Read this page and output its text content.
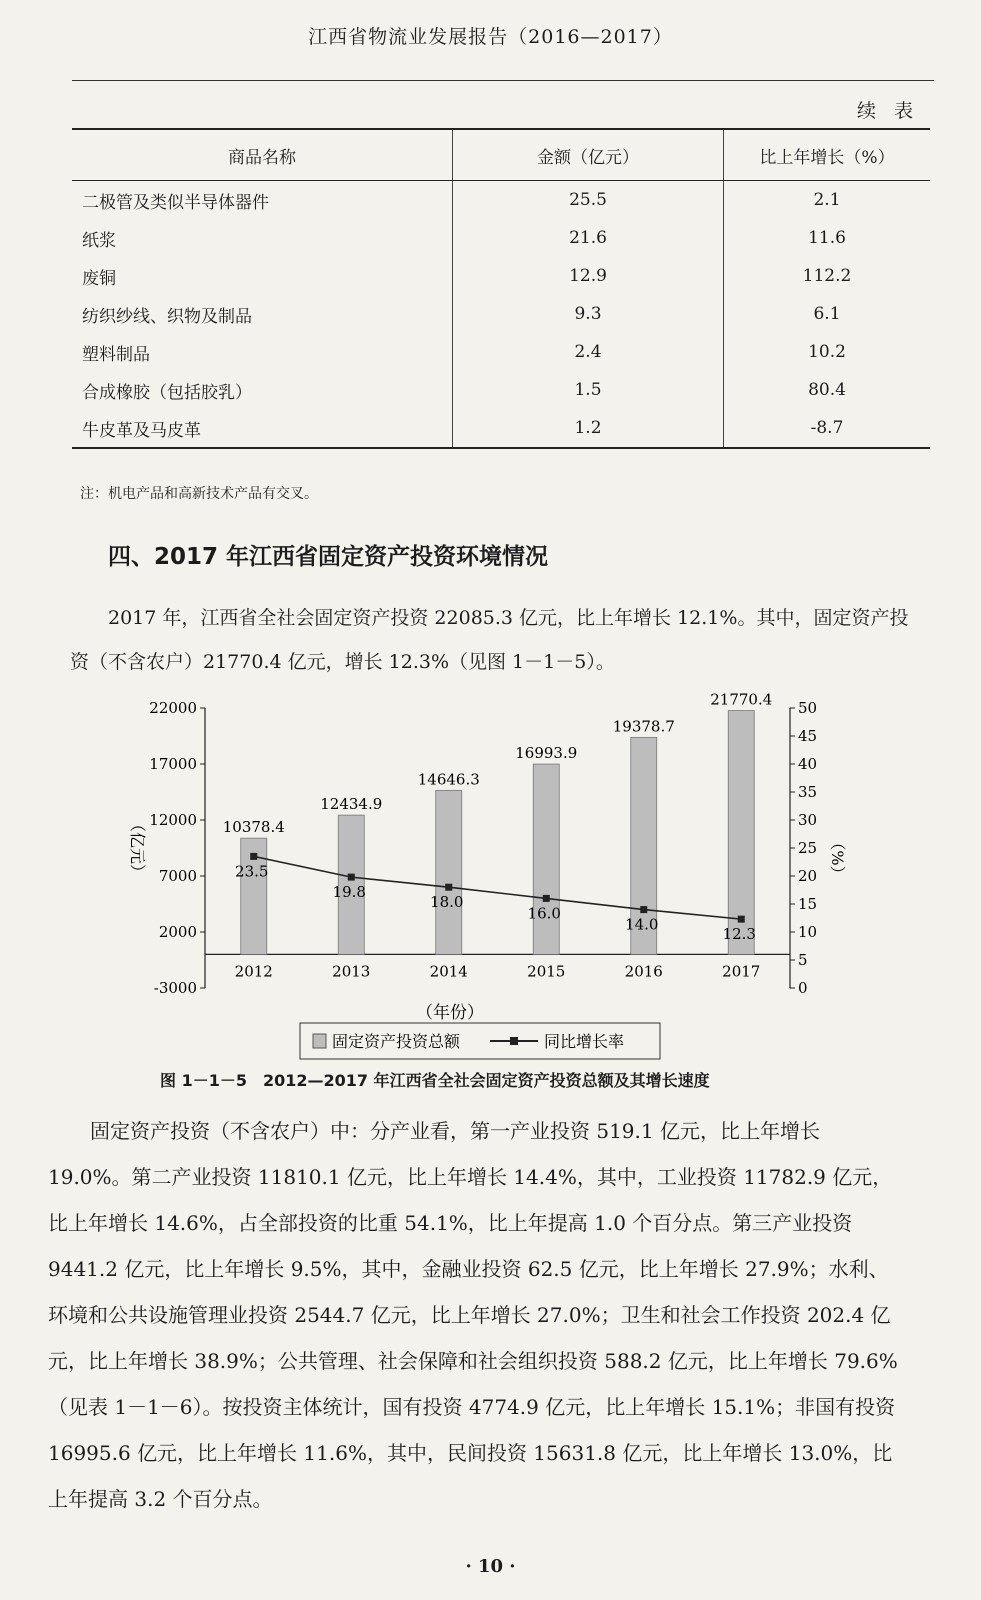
江西省物流业发展报告（2016—2017）
续 表
商品名称	金额（亿元）	比上年增长（%）
二极管及类似半导体器件	25.5	2.1
纸浆	21.6	11.6
废铜	12.9	112.2
纺织纱线、织物及制品	9.3	6.1
塑料制品	2.4	10.2
合成橡胶（包括胶乳）	1.5	80.4
牛皮革及马皮革	1.2	-8.7
注：机电产品和高新技术产品有交叉。
四、2017 年江西省固定资产投资环境情况

2017 年，江西省全社会固定资产投资 22085.3 亿元，比上年增长 12.1%。其中，固定资产投资（不含农户）21770.4 亿元，增长 12.3%（见图 1－1－5）。

-3000
2000
7000
12000
17000
22000
0
5
10
15
20
25
30
35
40
45
50
10378.4
2012
12434.9
2013
14646.3
2014
16993.9
2015
19378.7
2016
21770.4
2017
23.5
19.8
18.0
16.0
14.0
12.3
（亿元）	（%）
（年份）
固定资产投资总额	同比增长率
图 1－1－5　2012—2017 年江西省全社会固定资产投资总额及其增长速度

固定资产投资（不含农户）中：分产业看，第一产业投资 519.1 亿元，比上年增长19.0%。第二产业投资 11810.1 亿元，比上年增长 14.4%，其中，工业投资 11782.9 亿元，比上年增长 14.6%，占全部投资的比重 54.1%，比上年提高 1.0 个百分点。第三产业投资 9441.2 亿元，比上年增长 9.5%，其中，金融业投资 62.5 亿元，比上年增长 27.9%；水利、环境和公共设施管理业投资 2544.7 亿元，比上年增长 27.0%；卫生和社会工作投资 202.4 亿元，比上年增长 38.9%；公共管理、社会保障和社会组织投资 588.2 亿元，比上年增长 79.6%（见表 1－1－6）。按投资主体统计，国有投资 4774.9 亿元，比上年增长 15.1%；非国有投资 16995.6 亿元，比上年增长 11.6%，其中，民间投资 15631.8 亿元，比上年增长 13.0%，比上年提高 3.2 个百分点。

· 10 ·
